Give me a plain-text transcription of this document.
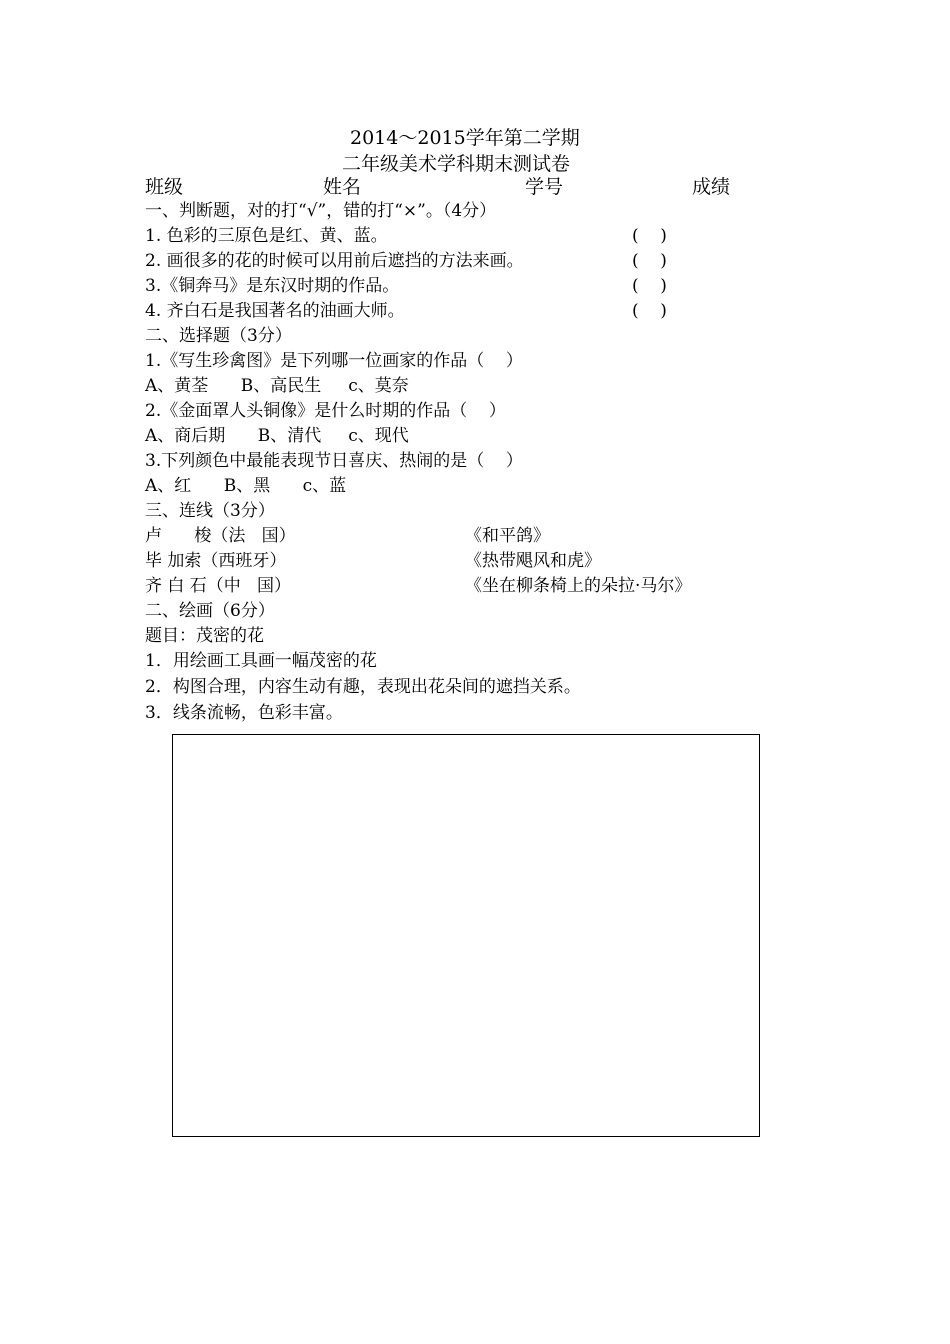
2014～2015学年第二学期
二年级美术学科期末测试卷
班级	姓名	学号	成绩
一、判断题，对的打“√”，错的打“×”。（4分）
1. 色彩的三原色是红、黄、蓝。	(    )
2. 画很多的花的时候可以用前后遮挡的方法来画。	(    )
3.《铜奔马》是东汉时期的作品。	(    )
4. 齐白石是我国著名的油画大师。	(    )
二、选择题（3分）
1.《写生珍禽图》是下列哪一位画家的作品（    ）
A、黄荃      B、高民生     c、莫奈
2.《金面罩人头铜像》是什么时期的作品（    ）
A、商后期      B、清代     c、现代
3.下列颜色中最能表现节日喜庆、热闹的是（    ）
A、红      B、黑      c、蓝
三、连线（3分）
卢      梭（法   国）	《和平鸽》
毕 加索（西班牙）	《热带飓风和虎》
齐 白 石（中   国）	《坐在柳条椅上的朵拉·马尔》
二、绘画（6分）
题目：茂密的花
1．用绘画工具画一幅茂密的花
2．构图合理，内容生动有趣，表现出花朵间的遮挡关系。
3．线条流畅，色彩丰富。
